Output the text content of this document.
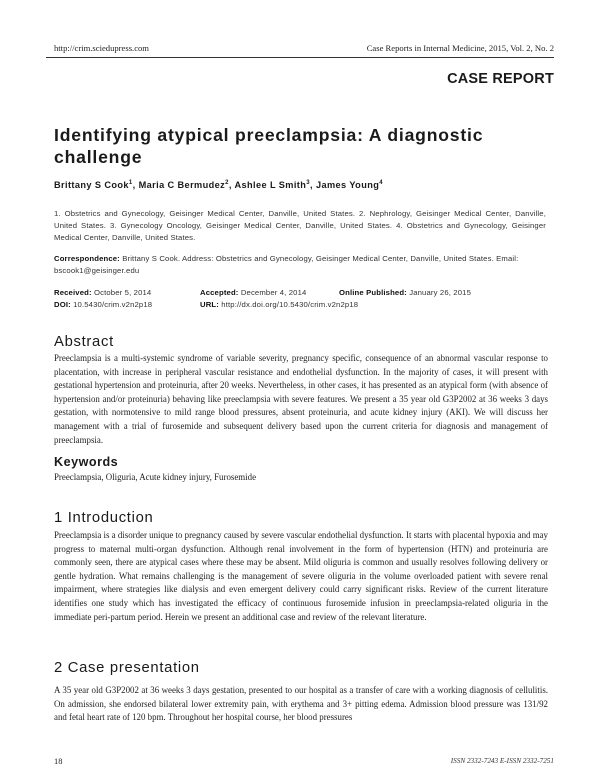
http://crim.sciedupress.com	Case Reports in Internal Medicine, 2015, Vol. 2, No. 2
CASE REPORT
Identifying atypical preeclampsia: A diagnostic challenge
Brittany S Cook$^1$, Maria C Bermudez$^2$, Ashlee L Smith$^3$, James Young$^4$
1. Obstetrics and Gynecology, Geisinger Medical Center, Danville, United States. 2. Nephrology, Geisinger Medical Center, Danville, United States. 3. Gynecology Oncology, Geisinger Medical Center, Danville, United States. 4. Obstetrics and Gynecology, Geisinger Medical Center, Danville, United States.
Correspondence: Brittany S Cook. Address: Obstetrics and Gynecology, Geisinger Medical Center, Danville, United States. Email: bscook1@geisinger.edu
Received: October 5, 2014	Accepted: December 4, 2014	Online Published: January 26, 2015
DOI: 10.5430/crim.v2n2p18	URL: http://dx.doi.org/10.5430/crim.v2n2p18
Abstract
Preeclampsia is a multi-systemic syndrome of variable severity, pregnancy specific, consequence of an abnormal vascular response to placentation, with increase in peripheral vascular resistance and endothelial dysfunction. In the majority of cases, it will present with gestational hypertension and proteinuria, after 20 weeks. Nevertheless, in other cases, it has presented as an atypical form (with absence of hypertension and/or proteinuria) behaving like preeclampsia with severe features. We present a 35 year old G3P2002 at 36 weeks 3 days gestation, with normotensive to mild range blood pressures, absent proteinuria, and acute kidney injury (AKI). We will discuss her management with a trial of furosemide and subsequent delivery based upon the current criteria for diagnosis and management of preeclampsia.
Keywords
Preeclampsia, Oliguria, Acute kidney injury, Furosemide
1 Introduction
Preeclampsia is a disorder unique to pregnancy caused by severe vascular endothelial dysfunction. It starts with placental hypoxia and may progress to maternal multi-organ dysfunction. Although renal involvement in the form of hypertension (HTN) and proteinuria are commonly seen, there are atypical cases where these may be absent. Mild oliguria is common and usually resolves following delivery or gentle hydration. What remains challenging is the management of severe oliguria in the volume overloaded patient with severe renal impairment, where strategies like dialysis and even emergent delivery could carry significant risks. Review of the current literature identifies one study which has investigated the efficacy of continuous furosemide infusion in preeclampsia-related oliguria in the immediate peri-partum period. Herein we present an additional case and review of the relevant literature.
2 Case presentation
A 35 year old G3P2002 at 36 weeks 3 days gestation, presented to our hospital as a transfer of care with a working diagnosis of cellulitis. On admission, she endorsed bilateral lower extremity pain, with erythema and 3+ pitting edema. Admission blood pressure was 131/92 and fetal heart rate of 120 bpm. Throughout her hospital course, her blood pressures
18	ISSN 2332-7243 E-ISSN 2332-7251
